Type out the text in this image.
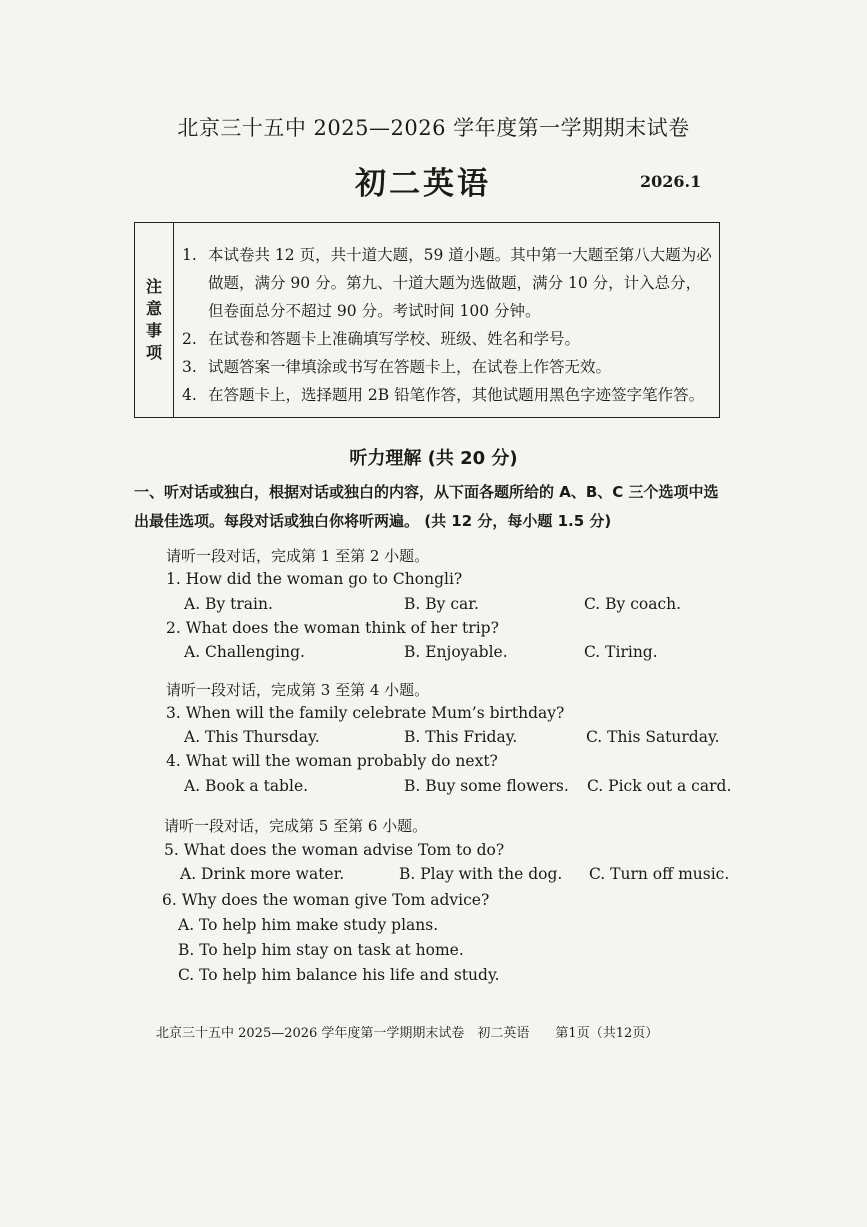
北京三十五中 2025—2026 学年度第一学期期末试卷
初二英语	2026.1
注
意
事
项
1. 本试卷共 12 页，共十道大题，59 道小题。其中第一大题至第八大题为必做题，满分 90 分。第九、十道大题为选做题，满分 10 分，计入总分，但卷面总分不超过 90 分。考试时间 100 分钟。
2. 在试卷和答题卡上准确填写学校、班级、姓名和学号。
3. 试题答案一律填涂或书写在答题卡上，在试卷上作答无效。
4. 在答题卡上，选择题用 2B 铅笔作答，其他试题用黑色字迹签字笔作答。
听力理解 (共 20 分)
一、听对话或独白，根据对话或独白的内容，从下面各题所给的 A、B、C 三个选项中选
出最佳选项。每段对话或独白你将听两遍。 (共 12 分，每小题 1.5 分)
请听一段对话，完成第 1 至第 2 小题。
1. How did the woman go to Chongli?
A. By train.	B. By car.	C. By coach.
2. What does the woman think of her trip?
A. Challenging.	B. Enjoyable.	C. Tiring.
请听一段对话，完成第 3 至第 4 小题。
3. When will the family celebrate Mum’s birthday?
A. This Thursday.	B. This Friday.	C. This Saturday.
4. What will the woman probably do next?
A. Book a table.	B. Buy some flowers. C. Pick out a card.
请听一段对话，完成第 5 至第 6 小题。
5. What does the woman advise Tom to do?
A. Drink more water.	B. Play with the dog. C. Turn off music.
6. Why does the woman give Tom advice?
A. To help him make study plans.
B. To help him stay on task at home.
C. To help him balance his life and study.
北京三十五中 2025—2026 学年度第一学期期末试卷　初二英语　　第1页（共12页）
